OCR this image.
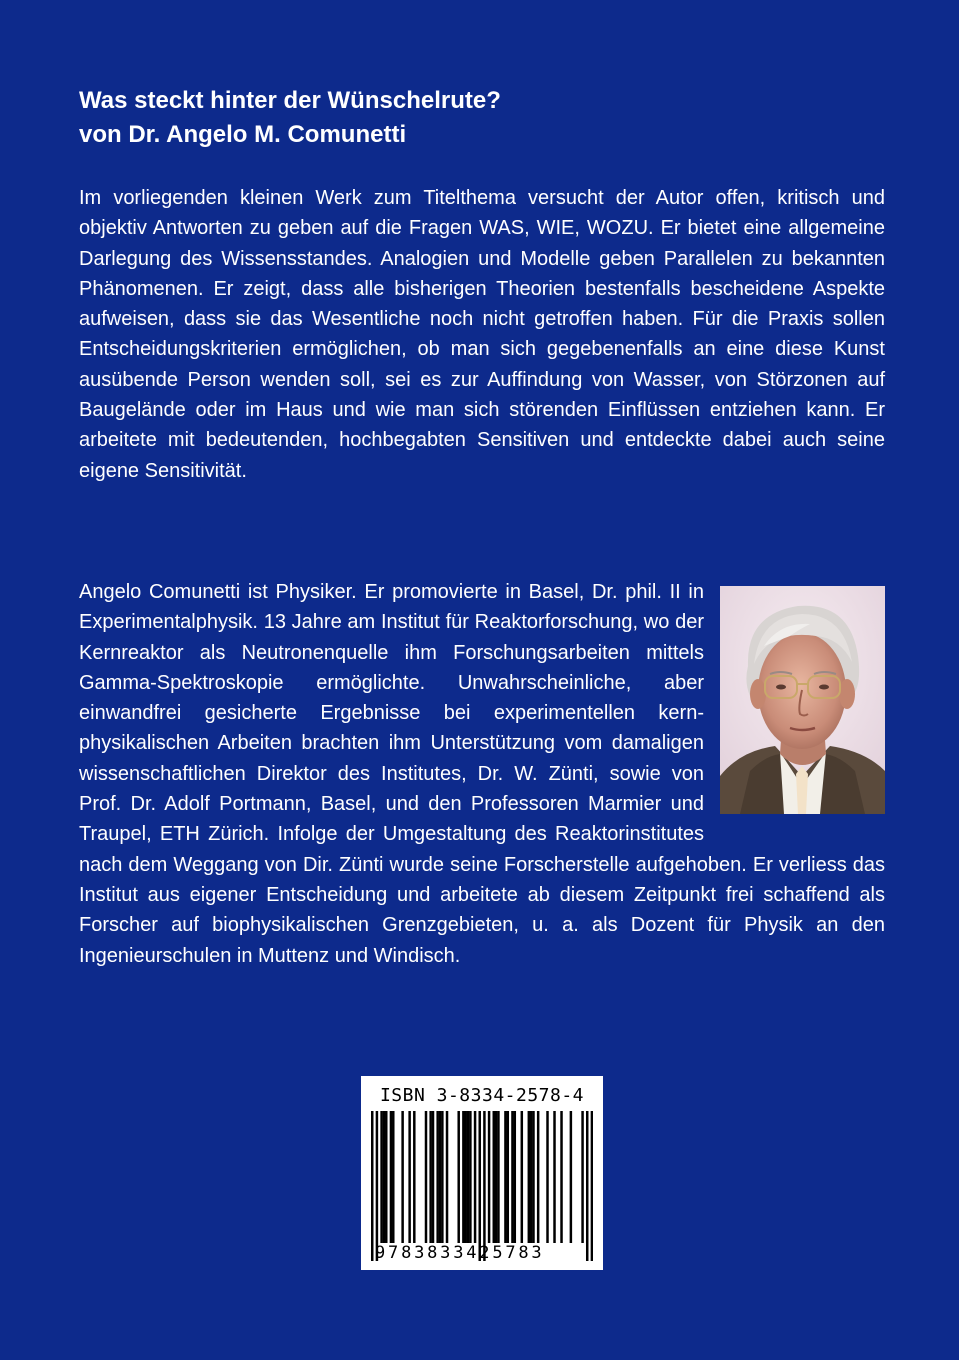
Was steckt hinter der Wünschelrute?
von Dr. Angelo M. Comunetti

Im vorliegenden kleinen Werk zum Titelthema versucht der Autor offen, kritisch und objektiv Antworten zu geben auf die Fragen WAS, WIE, WOZU. Er bietet eine allgemeine Darlegung des Wissensstandes. Analogien und Modelle geben Parallelen zu bekannten Phänomenen. Er zeigt, dass alle bisherigen Theorien bestenfalls bescheidene Aspekte aufweisen, dass sie das Wesentliche noch nicht getroffen haben. Für die Praxis sollen Entscheidungskriterien ermöglichen, ob man sich gegebenenfalls an eine diese Kunst ausübende Person wenden soll, sei es zur Auffindung von Wasser, von Störzonen auf Baugelände oder im Haus und wie man sich störenden Einflüssen entziehen kann. Er arbeitete mit bedeutenden, hochbegabten Sensitiven und entdeckte dabei auch seine eigene Sensitivität.

Angelo Comunetti ist Physiker. Er promovierte in Basel, Dr. phil. II in Experimentalphysik. 13 Jahre am Institut für Reaktorforschung, wo der Kernreaktor als Neutronenquelle ihm Forschungsarbeiten mittels Gamma-Spektroskopie ermöglichte. Unwahrscheinliche, aber einwandfrei gesicherte Ergebnisse bei experimentellen kernphysikalischen Arbeiten brachten ihm Unterstützung vom damaligen wissenschaftlichen Direktor des Institutes, Dr. W. Zünti, sowie von Prof. Dr. Adolf Portmann, Basel, und den Professoren Marmier und Traupel, ETH Zürich. Infolge der Umgestaltung des Reaktorinstitutes nach dem Weggang von Dir. Zünti wurde seine Forscherstelle aufgehoben. Er verliess das Institut aus eigener Entscheidung und arbeitete ab diesem Zeitpunkt frei schaffend als Forscher auf biophysikalischen Grenzgebieten, u. a. als Dozent für Physik an den Ingenieurschulen in Muttenz und Windisch.
ISBN 3-8334-2578-4
9783833425783
